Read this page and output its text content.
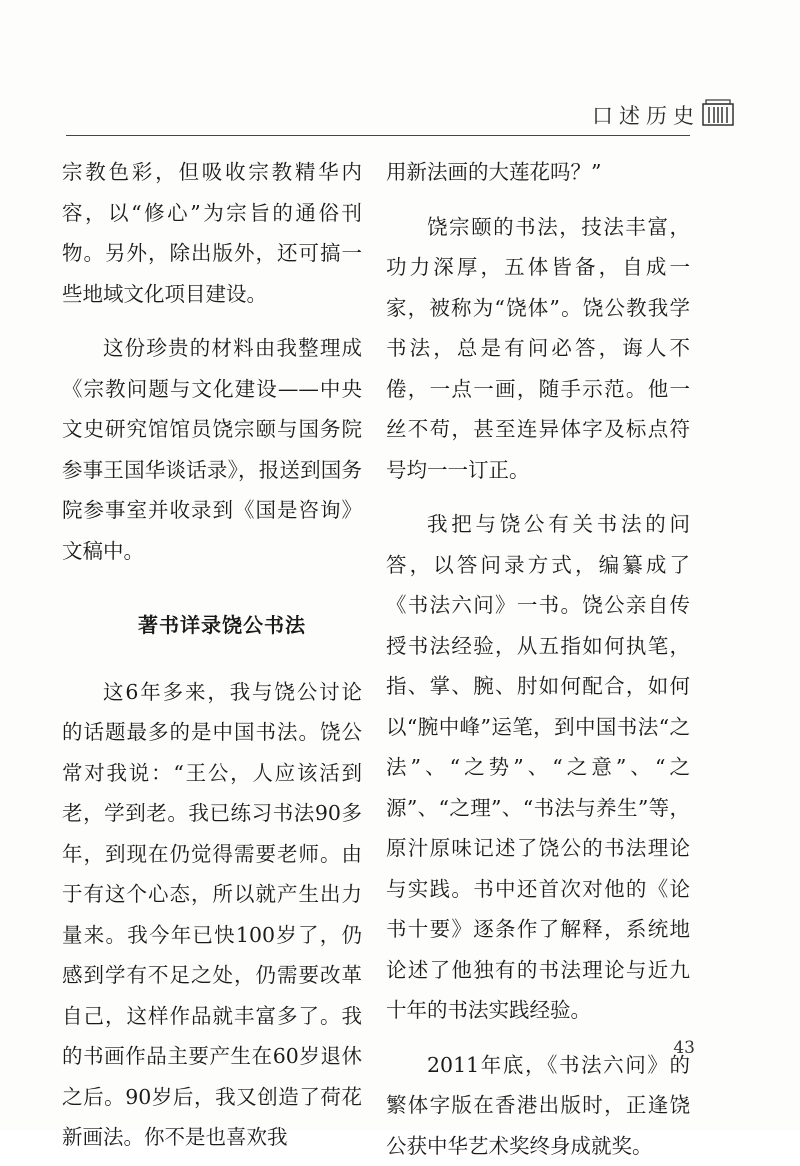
口述历史

宗教色彩，但吸收宗教精华内容，以“修心”为宗旨的通俗刊物。另外，除出版外，还可搞一些地域文化项目建设。

这份珍贵的材料由我整理成《宗教问题与文化建设——中央文史研究馆馆员饶宗颐与国务院参事王国华谈话录》，报送到国务院参事室并收录到《国是咨询》文稿中。

著书详录饶公书法

这6年多来，我与饶公讨论的话题最多的是中国书法。饶公常对我说：“王公，人应该活到老，学到老。我已练习书法90多年，到现在仍觉得需要老师。由于有这个心态，所以就产生出力量来。我今年已快100岁了，仍感到学有不足之处，仍需要改革自己，这样作品就丰富多了。我的书画作品主要产生在60岁退休之后。90岁后，我又创造了荷花新画法。你不是也喜欢我

用新法画的大莲花吗？”

饶宗颐的书法，技法丰富，功力深厚，五体皆备，自成一家，被称为“饶体”。饶公教我学书法，总是有问必答，诲人不倦，一点一画，随手示范。他一丝不苟，甚至连异体字及标点符号均一一订正。

我把与饶公有关书法的问答，以答问录方式，编纂成了《书法六问》一书。饶公亲自传授书法经验，从五指如何执笔，指、掌、腕、肘如何配合，如何以“腕中峰”运笔，到中国书法“之法”、“之势”、“之意”、“之源”、“之理”、“书法与养生”等，原汁原味记述了饶公的书法理论与实践。书中还首次对他的《论书十要》逐条作了解释，系统地论述了他独有的书法理论与近九十年的书法实践经验。

2011年底，《书法六问》的繁体字版在香港出版时，正逢饶公获中华艺术奖终身成就奖。

43
